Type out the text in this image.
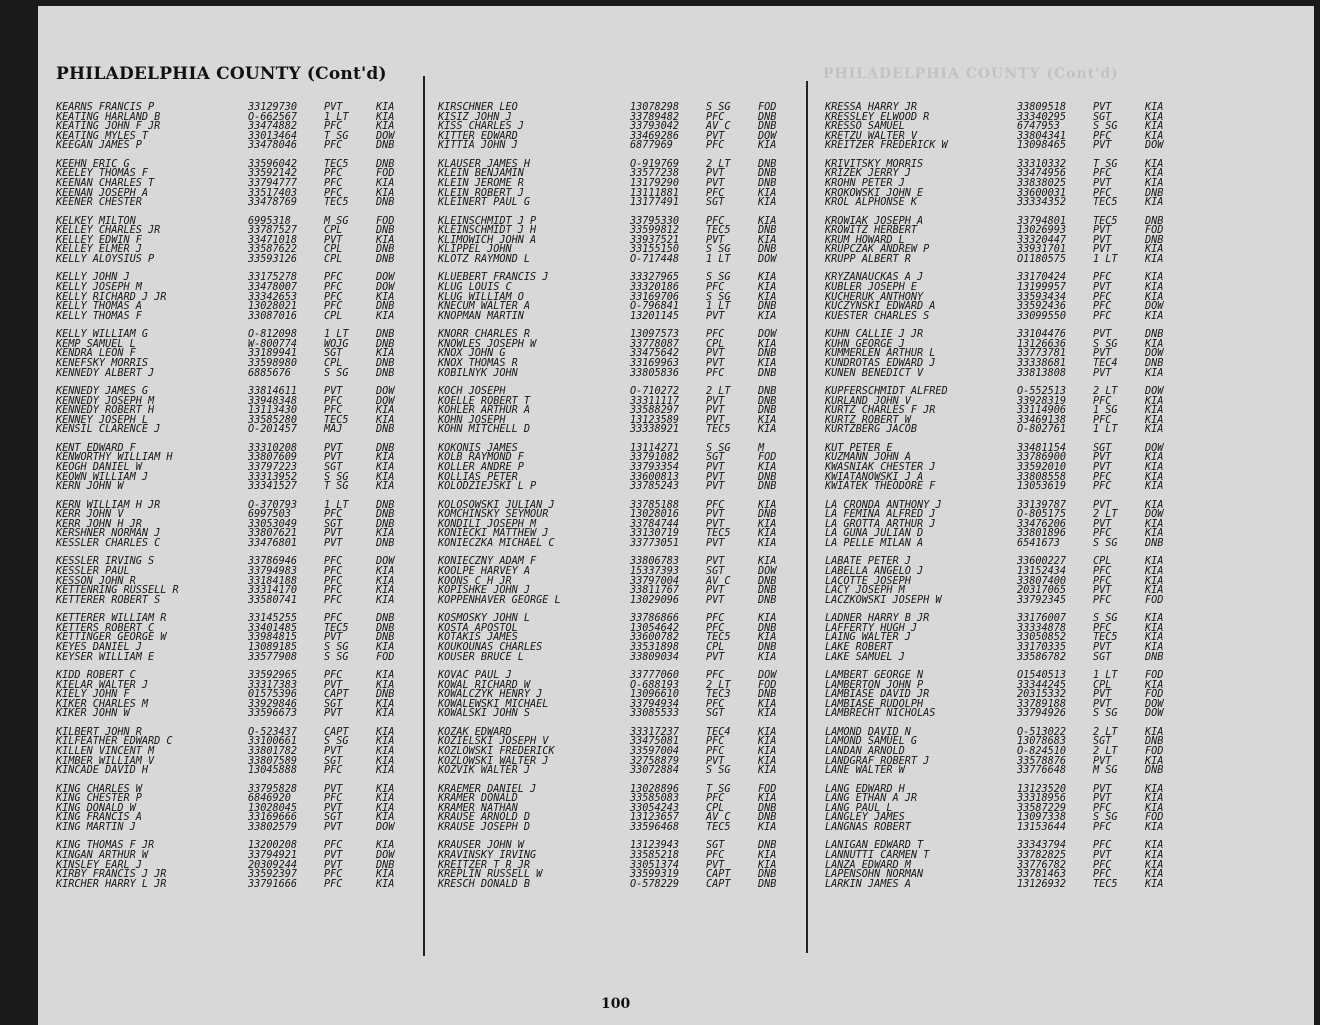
PHILADELPHIA COUNTY (Cont'd)	PHILADELPHIA COUNTY (Cont'd)
KEARNS FRANCIS P	33129730	PVT	KIA
KEATING HARLAND B	O-662567	1 LT	KIA
KEATING JOHN F JR	33474882	PFC	KIA
KEATING MYLES T	33013464	T SG	DOW
KEEGAN JAMES P	33478046	PFC	DNB
KEEHN ERIC G	33596042	TEC5	DNB
KEELEY THOMAS F	33592142	PFC	FOD
KEENAN CHARLES T	33794777	PFC	KIA
KEENAN JOSEPH A	33517403	PFC	KIA
KEENER CHESTER	33478769	TEC5	DNB
KELKEY MILTON	6995318	M SG	FOD
KELLEY CHARLES JR	33787527	CPL	DNB
KELLEY EDWIN F	33471018	PVT	KIA
KELLEY ELMER J	33587622	CPL	DNB
KELLY ALOYSIUS P	33593126	CPL	DNB
KELLY JOHN J	33175278	PFC	DOW
KELLY JOSEPH M	33478007	PFC	DOW
KELLY RICHARD J JR	33342653	PFC	KIA
KELLY THOMAS A	13028021	PFC	DNB
KELLY THOMAS F	33087016	CPL	KIA
KELLY WILLIAM G	O-812098	1 LT	DNB
KEMP SAMUEL L	W-800774	WOJG	DNB
KENDRA LEON F	33189941	SGT	KIA
KENEFSKY MORRIS	33598980	CPL	DNB
KENNEDY ALBERT J	6885676	S SG	DNB
KENNEDY JAMES G	33814611	PVT	DOW
KENNEDY JOSEPH M	33948348	PFC	DOW
KENNEDY ROBERT H	13113430	PFC	KIA
KENNEY JOSEPH L	33585280	TEC5	KIA
KENSIL CLARENCE J	O-201457	MAJ	DNB
KENT EDWARD F	33310208	PVT	DNB
KENWORTHY WILLIAM H	33807609	PVT	KIA
KEOGH DANIEL W	33797223	SGT	KIA
KEOWN WILLIAM J	33313952	S SG	KIA
KERN JOHN W	33341527	T SG	KIA
KERN WILLIAM H JR	O-370793	1 LT	DNB
KERR JOHN V	6997503	PFC	DNB
KERR JOHN H JR	33053049	SGT	DNB
KERSHNER NORMAN J	33807621	PVT	KIA
KESSLER CHARLES C	33476801	PVT	DNB
KESSLER IRVING S	33786946	PFC	DOW
KESSLER PAUL	33794983	PFC	KIA
KESSON JOHN R	33184188	PFC	KIA
KETTENRING RUSSELL R	33314170	PFC	KIA
KETTERER ROBERT S	33580741	PFC	KIA
KETTERER WILLIAM R	33145255	PFC	DNB
KETTERS ROBERT C	33401485	TEC5	DNB
KETTINGER GEORGE W	33984815	PVT	DNB
KEYES DANIEL J	13089185	S SG	KIA
KEYSER WILLIAM E	33577908	S SG	FOD
KIDD ROBERT C	33592965	PFC	KIA
KIELAR WALTER J	33317383	PVT	KIA
KIELY JOHN F	01575396	CAPT	DNB
KIKER CHARLES M	33929846	SGT	KIA
KIKER JOHN W	33596673	PVT	KIA
KILBERT JOHN R	O-523437	CAPT	KIA
KILFEATHER EDWARD C	33100661	S SG	KIA
KILLEN VINCENT M	33801782	PVT	KIA
KIMBER WILLIAM V	33807589	SGT	KIA
KINCADE DAVID H	13045888	PFC	KIA
KING CHARLES W	33795828	PVT	KIA
KING CHESTER P	6846920	PFC	KIA
KING DONALD W	13028045	PVT	KIA
KING FRANCIS A	33169666	SGT	KIA
KING MARTIN J	33802579	PVT	DOW
KING THOMAS F JR	13200208	PFC	KIA
KINGAN ARTHUR W	33794921	PVT	DOW
KINSLEY EARL J	20309244	PVT	DNB
KIRBY FRANCIS J JR	33592397	PFC	KIA
KIRCHER HARRY L JR	33791666	PFC	KIA
KIRSCHNER LEO	13078298	S SG	FOD
KISIZ JOHN J	33789482	PFC	DNB
KISS CHARLES J	33793042	AV C	DNB
KITTER EDWARD	33469286	PVT	DOW
KITTIA JOHN J	6877969	PFC	KIA
KLAUSER JAMES H	O-919769	2 LT	DNB
KLEIN BENJAMIN	33577238	PVT	DNB
KLEIN JEROME R	13179290	PVT	DNB
KLEIN ROBERT J	13111881	PFC	KIA
KLEINERT PAUL G	13177491	SGT	KIA
KLEINSCHMIDT J P	33795330	PFC	KIA
KLEINSCHMIDT J H	33599812	TEC5	DNB
KLIMOWICH JOHN A	33937521	PVT	KIA
KLIPPEL JOHN	33155150	S SG	DNB
KLOTZ RAYMOND L	O-717448	1 LT	DOW
KLUEBERT FRANCIS J	33327965	S SG	KIA
KLUG LOUIS C	33320186	PFC	KIA
KLUG WILLIAM O	33169706	S SG	KIA
KNECUM WALTER A	O-796841	1 LT	DNB
KNOPMAN MARTIN	13201145	PVT	KIA
KNORR CHARLES R	13097573	PFC	DOW
KNOWLES JOSEPH W	33778087	CPL	KIA
KNOX JOHN G	33475642	PVT	DNB
KNOX THOMAS R	33169963	PVT	KIA
KOBILNYK JOHN	33805836	PFC	DNB
KOCH JOSEPH	O-710272	2 LT	DNB
KOELLE ROBERT T	33311117	PVT	DNB
KOHLER ARTHUR A	33588297	PVT	DNB
KOHN JOSEPH	13123589	PVT	KIA
KOHN MITCHELL D	33338921	TEC5	KIA
KOKONIS JAMES	13114271	S SG	M
KOLB RAYMOND F	33791082	SGT	FOD
KOLLER ANDRE P	33793354	PVT	KIA
KOLLIAS PETER	33600813	PVT	DNB
KOLODZIEJSKI L P	33785243	PVT	DNB
KOLOSOWSKI JULIAN J	33785188	PFC	KIA
KOMCHINSKY SEYMOUR	13028016	PVT	DNB
KONDILI JOSEPH M	33784744	PVT	KIA
KONIECKI MATTHEW J	33130719	TEC5	KIA
KONIECZKA MICHAEL C	33773051	PVT	KIA
KONIECZNY ADAM F	33806783	PVT	KIA
KOOLPE HARVEY A	15337393	SGT	DOW
KOONS C H JR	33797004	AV C	DNB
KOPISHKE JOHN J	33811767	PVT	DNB
KOPPENHAVER GEORGE L	13029096	PVT	DNB
KOSMOSKY JOHN L	33786866	PFC	KIA
KOSTA APOSTOL	13054642	PFC	DNB
KOTAKIS JAMES	33600782	TEC5	KIA
KOUKOUNAS CHARLES	33531898	CPL	DNB
KOUSER BRUCE L	33809034	PVT	KIA
KOVAC PAUL J	33777060	PFC	DOW
KOWAL RICHARD W	O-688193	2 LT	FOD
KOWALCZYK HENRY J	13096610	TEC3	DNB
KOWALEWSKI MICHAEL	33794934	PFC	KIA
KOWALSKI JOHN S	33085533	SGT	KIA
KOZAK EDWARD	33317237	TEC4	KIA
KOZIELSKI JOSEPH V	33475081	PFC	KIA
KOZLOWSKI FREDERICK	33597004	PFC	KIA
KOZLOWSKI WALTER J	32758879	PVT	KIA
KOZVIK WALTER J	33072884	S SG	KIA
KRAEMER DANIEL J	13028896	T SG	FOD
KRAMER DONALD	33585083	PFC	KIA
KRAMER NATHAN	33054243	CPL	DNB
KRAUSE ARNOLD D	13123657	AV C	DNB
KRAUSE JOSEPH D	33596468	TEC5	KIA
KRAUSER JOHN W	13123943	SGT	DNB
KRAVINSKY IRVING	33585218	PFC	KIA
KREITZER T R JR	33051374	PVT	KIA
KREPLIN RUSSELL W	33599319	CAPT	DNB
KRESCH DONALD B	O-578229	CAPT	DNB
KRESSA HARRY JR	33809518	PVT	KIA
KRESSLEY ELWOOD R	33340295	SGT	KIA
KRESSO SAMUEL	6747953	S SG	KIA
KRETZU WALTER V	33804341	PFC	KIA
KREITZER FREDERICK W	13098465	PVT	DOW
KRIVITSKY MORRIS	33310332	T SG	KIA
KRIZEK JERRY J	33474956	PFC	KIA
KROHN PETER J	33838025	PVT	KIA
KROKOWSKI JOHN E	33600031	PFC	DNB
KROL ALPHONSE K	33334352	TEC5	KIA
KROWIAK JOSEPH A	33794801	TEC5	DNB
KROWITZ HERBERT	13026993	PVT	FOD
KRUM HOWARD L	33320447	PVT	DNB
KRUPCZAK ANDREW P	33931701	PVT	KIA
KRUPP ALBERT R	O1180575	1 LT	KIA
KRYZANAUCKAS A J	33170424	PFC	KIA
KUBLER JOSEPH E	13199957	PVT	KIA
KUCHERUK ANTHONY	33593434	PFC	KIA
KUCZYNSKI EDWARD A	33592436	PFC	DOW
KUESTER CHARLES S	33099550	PFC	KIA
KUHN CALLIE J JR	33104476	PVT	DNB
KUHN GEORGE J	13126636	S SG	KIA
KUMMERLEN ARTHUR L	33773781	PVT	DOW
KUNDROTAS EDWARD J	33338681	TEC4	DNB
KUNEN BENEDICT V	33813808	PVT	KIA
KUPFERSCHMIDT ALFRED	O-552513	2 LT	DOW
KURLAND JOHN V	33928319	PFC	KIA
KURTZ CHARLES F JR	33114906	1 SG	KIA
KURTZ ROBERT W	33469138	PFC	KIA
KURTZBERG JACOB	O-802761	1 LT	KIA
KUT PETER E	33481154	SGT	DOW
KUZMANN JOHN A	33786900	PVT	KIA
KWASNIAK CHESTER J	33592010	PVT	KIA
KWIATANOWSKI J A	33808558	PFC	KIA
KWIATEK THEODORE F	13053619	PFC	KIA
LA CRONDA ANTHONY J	33139787	PVT	KIA
LA FEMINA ALFRED J	O-805175	2 LT	DOW
LA GROTTA ARTHUR J	33476206	PVT	KIA
LA GUNA JULIAN D	33801896	PFC	KIA
LA PELLE MILAN A	6541673	S SG	DNB
LABATE PETER J	33600227	CPL	KIA
LABELLA ANGELO J	13152434	PFC	KIA
LACOTTE JOSEPH	33807400	PFC	KIA
LACY JOSEPH M	20317065	PVT	KIA
LACZKOWSKI JOSEPH W	33792345	PFC	FOD
LADNER HARRY B JR	33176007	S SG	KIA
LAFFERTY HUGH J	33334878	PFC	KIA
LAING WALTER J	33050852	TEC5	KIA
LAKE ROBERT	33170335	PVT	KIA
LAKE SAMUEL J	33586782	SGT	DNB
LAMBERT GEORGE N	O1540513	1 LT	FOD
LAMBERTON JOHN P	33344245	CPL	KIA
LAMBIASE DAVID JR	20315332	PVT	FOD
LAMBIASE RUDOLPH	33789188	PVT	DOW
LAMBRECHT NICHOLAS	33794926	S SG	DOW
LAMOND DAVID N	O-513022	2 LT	KIA
LAMOND SAMUEL G	13078683	SGT	DNB
LANDAN ARNOLD	O-824510	2 LT	FOD
LANDGRAF ROBERT J	33578876	PVT	KIA
LANE WALTER W	33776648	M SG	DNB
LANG EDWARD H	13123520	PVT	KIA
LANG ETHAN A JR	33318956	PVT	KIA
LANG PAUL L	33587229	PFC	KIA
LANGLEY JAMES	13097338	S SG	FOD
LANGNAS ROBERT	13153644	PFC	KIA
LANIGAN EDWARD T	33343794	PFC	KIA
LANNUTTI CARMEN T	33782825	PVT	KIA
LANZA EDWARD M	33776782	PFC	KIA
LAPENSOHN NORMAN	33781463	PFC	KIA
LARKIN JAMES A	13126932	TEC5	KIA
100
